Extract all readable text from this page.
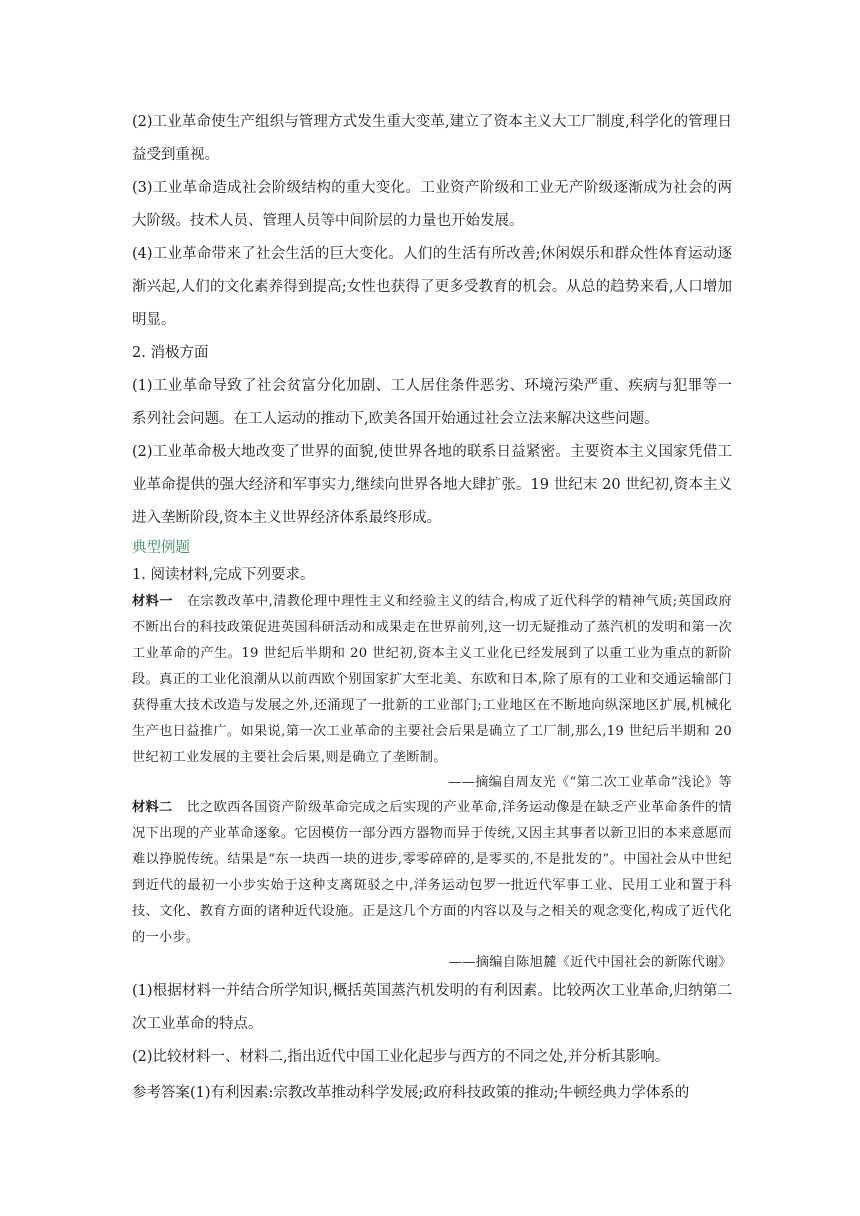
(2)工业革命使生产组织与管理方式发生重大变革,建立了资本主义大工厂制度,科学化的管理日益受到重视。

(3)工业革命造成社会阶级结构的重大变化。工业资产阶级和工业无产阶级逐渐成为社会的两大阶级。技术人员、管理人员等中间阶层的力量也开始发展。

(4)工业革命带来了社会生活的巨大变化。人们的生活有所改善;休闲娱乐和群众性体育运动逐渐兴起,人们的文化素养得到提高;女性也获得了更多受教育的机会。从总的趋势来看,人口增加明显。

2. 消极方面

(1)工业革命导致了社会贫富分化加剧、工人居住条件恶劣、环境污染严重、疾病与犯罪等一系列社会问题。在工人运动的推动下,欧美各国开始通过社会立法来解决这些问题。

(2)工业革命极大地改变了世界的面貌,使世界各地的联系日益紧密。主要资本主义国家凭借工业革命提供的强大经济和军事实力,继续向世界各地大肆扩张。19 世纪末 20 世纪初,资本主义进入垄断阶段,资本主义世界经济体系最终形成。

典型例题

1. 阅读材料,完成下列要求。

材料一 在宗教改革中,清教伦理中理性主义和经验主义的结合,构成了近代科学的精神气质;英国政府不断出台的科技政策促进英国科研活动和成果走在世界前列,这一切无疑推动了蒸汽机的发明和第一次工业革命的产生。19 世纪后半期和 20 世纪初,资本主义工业化已经发展到了以重工业为重点的新阶段。真正的工业化浪潮从以前西欧个别国家扩大至北美、东欧和日本,除了原有的工业和交通运输部门获得重大技术改造与发展之外,还涌现了一批新的工业部门;工业地区在不断地向纵深地区扩展,机械化生产也日益推广。如果说,第一次工业革命的主要社会后果是确立了工厂制,那么,19 世纪后半期和 20 世纪初工业发展的主要社会后果,则是确立了垄断制。

——摘编自周友光《“第二次工业革命”浅论》等

材料二 比之欧西各国资产阶级革命完成之后实现的产业革命,洋务运动像是在缺乏产业革命条件的情况下出现的产业革命逐象。它因模仿一部分西方器物而异于传统,又因主其事者以新卫旧的本来意愿而难以挣脱传统。结果是“东一块西一块的进步,零零碎碎的,是零买的,不是批发的”。中国社会从中世纪到近代的最初一小步实始于这种支离斑驳之中,洋务运动包罗一批近代军事工业、民用工业和置于科技、文化、教育方面的诸种近代设施。正是这几个方面的内容以及与之相关的观念变化,构成了近代化的一小步。

——摘编自陈旭麓《近代中国社会的新陈代谢》

(1)根据材料一并结合所学知识,概括英国蒸汽机发明的有利因素。比较两次工业革命,归纳第二次工业革命的特点。

(2)比较材料一、材料二,指出近代中国工业化起步与西方的不同之处,并分析其影响。

参考答案(1)有利因素:宗教改革推动科学发展;政府科技政策的推动;牛顿经典力学体系的
